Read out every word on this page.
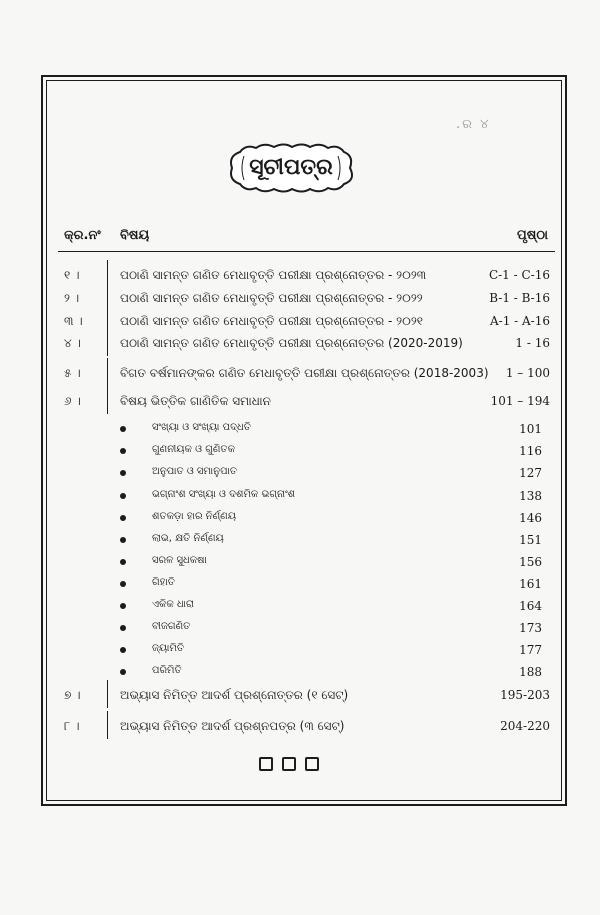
.ର ୪
ସୂଚୀପତ୍ର
କ୍ର.ନଂ ବିଷୟ	ପୃଷ୍ଠା
୧ ।	ପଠାଣି ସାମନ୍ତ ଗଣିତ ମେଧାବୃତ୍ତି ପରୀକ୍ଷା ପ୍ରଶ୍ନୋତ୍ତର - ୨୦୨୩	C-1 - C-16
୨ ।	ପଠାଣି ସାମନ୍ତ ଗଣିତ ମେଧାବୃତ୍ତି ପରୀକ୍ଷା ପ୍ରଶ୍ନୋତ୍ତର - ୨୦୨୨	B-1 - B-16
୩ ।	ପଠାଣି ସାମନ୍ତ ଗଣିତ ମେଧାବୃତ୍ତି ପରୀକ୍ଷା ପ୍ରଶ୍ନୋତ୍ତର - ୨୦୨୧	A-1 - A-16
୪ ।	ପଠାଣି ସାମନ୍ତ ଗଣିତ ମେଧାବୃତ୍ତି ପରୀକ୍ଷା ପ୍ରଶ୍ନୋତ୍ତର (2020-2019)	1 - 16
୫ ।	ବିଗତ ବର୍ଷମାନଙ୍କର ଗଣିତ ମେଧାବୃତ୍ତି ପରୀକ୍ଷା ପ୍ରଶ୍ନୋତ୍ତର (2018-2003) 1 – 100
୬ ।	ବିଷୟ ଭିତ୍ତିକ ଗାଣିତିକ ସମାଧାନ	101 – 194
ସଂଖ୍ୟା ଓ ସଂଖ୍ୟା ପଦ୍ଧତି	101
ଗୁଣନୀୟକ ଓ ଗୁଣିତକ	116
ଅନୁପାତ ଓ ସମାନୁପାତ	127
ଭଗ୍ନାଂଶ ସଂଖ୍ୟା ଓ ଦଶମିକ ଭଗ୍ନାଂଶ	138
ଶତକଡ଼ା ହାର ନିର୍ଣ୍ଣୟ	146
ଲାଭ, କ୍ଷତି ନିର୍ଣ୍ଣୟ	151
ସରଳ ସୁଧକଷା	156
ଗିହାତି	161
ଏକିକ ଧାରା	164
ବୀଜଗଣିତ	173
ଜ୍ୟାମିତି	177
ପରିମିତି	188
୭ ।	ଅଭ୍ୟାସ ନିମିତ୍ତ ଆଦର୍ଶ ପ୍ରଶ୍ନୋତ୍ତର (୧ ସେଟ୍)	195-203
୮ ।	ଅଭ୍ୟାସ ନିମିତ୍ତ ଆଦର୍ଶ ପ୍ରଶ୍ନପତ୍ର (୩ ସେଟ୍)	204-220
